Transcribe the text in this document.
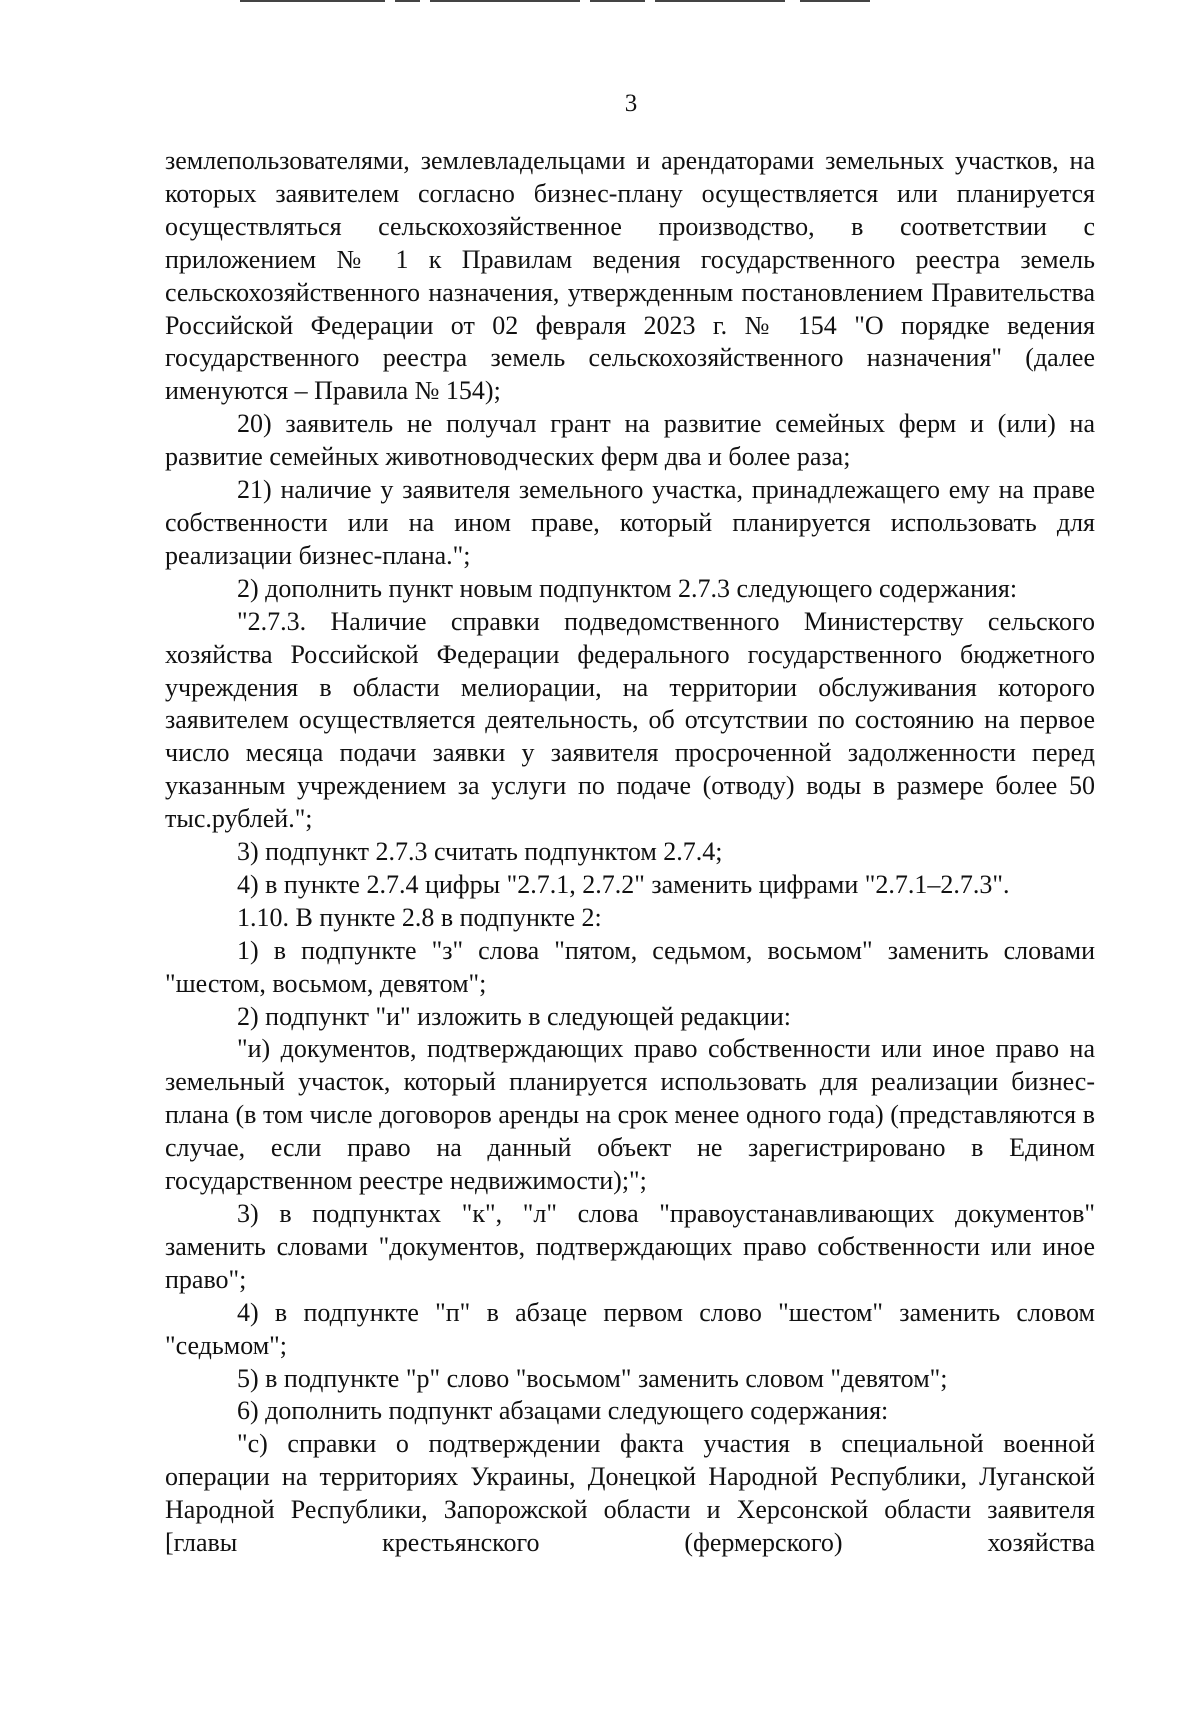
3

землепользователями, землевладельцами и арендаторами земельных участков, на которых заявителем согласно бизнес-плану осуществляется или планируется осуществляться сельскохозяйственное производство, в соответствии с приложением № 1 к Правилам ведения государственного реестра земель сельскохозяйственного назначения, утвержденным постановлением Правительства Российской Федерации от 02 февраля 2023 г. № 154 "О порядке ведения государственного реестра земель сельскохозяйственного назначения" (далее именуются – Правила № 154);

20) заявитель не получал грант на развитие семейных ферм и (или) на развитие семейных животноводческих ферм два и более раза;

21) наличие у заявителя земельного участка, принадлежащего ему на праве собственности или на ином праве, который планируется использовать для реализации бизнес-плана.";

2) дополнить пункт новым подпунктом 2.7.3 следующего содержания:

"2.7.3. Наличие справки подведомственного Министерству сельского хозяйства Российской Федерации федерального государственного бюджетного учреждения в области мелиорации, на территории обслуживания которого заявителем осуществляется деятельность, об отсутствии по состоянию на первое число месяца подачи заявки у заявителя просроченной задолженности перед указанным учреждением за услуги по подаче (отводу) воды в размере более 50 тыс.рублей.";

3) подпункт 2.7.3 считать подпунктом 2.7.4;

4) в пункте 2.7.4 цифры "2.7.1, 2.7.2" заменить цифрами "2.7.1–2.7.3".

1.10. В пункте 2.8 в подпункте 2:

1) в подпункте "з" слова "пятом, седьмом, восьмом" заменить словами "шестом, восьмом, девятом";

2) подпункт "и" изложить в следующей редакции:

"и) документов, подтверждающих право собственности или иное право на земельный участок, который планируется использовать для реализации бизнес-плана (в том числе договоров аренды на срок менее одного года) (представляются в случае, если право на данный объект не зарегистрировано в Едином государственном реестре недвижимости);";

3) в подпунктах "к", "л" слова "правоустанавливающих документов" заменить словами "документов, подтверждающих право собственности или иное право";

4) в подпункте "п" в абзаце первом слово "шестом" заменить словом "седьмом";

5) в подпункте "р" слово "восьмом" заменить словом "девятом";

6) дополнить подпункт абзацами следующего содержания:

"с) справки о подтверждении факта участия в специальной военной операции на территориях Украины, Донецкой Народной Республики, Луганской Народной Республики, Запорожской области и Херсонской области заявителя [главы крестьянского (фермерского) хозяйства
